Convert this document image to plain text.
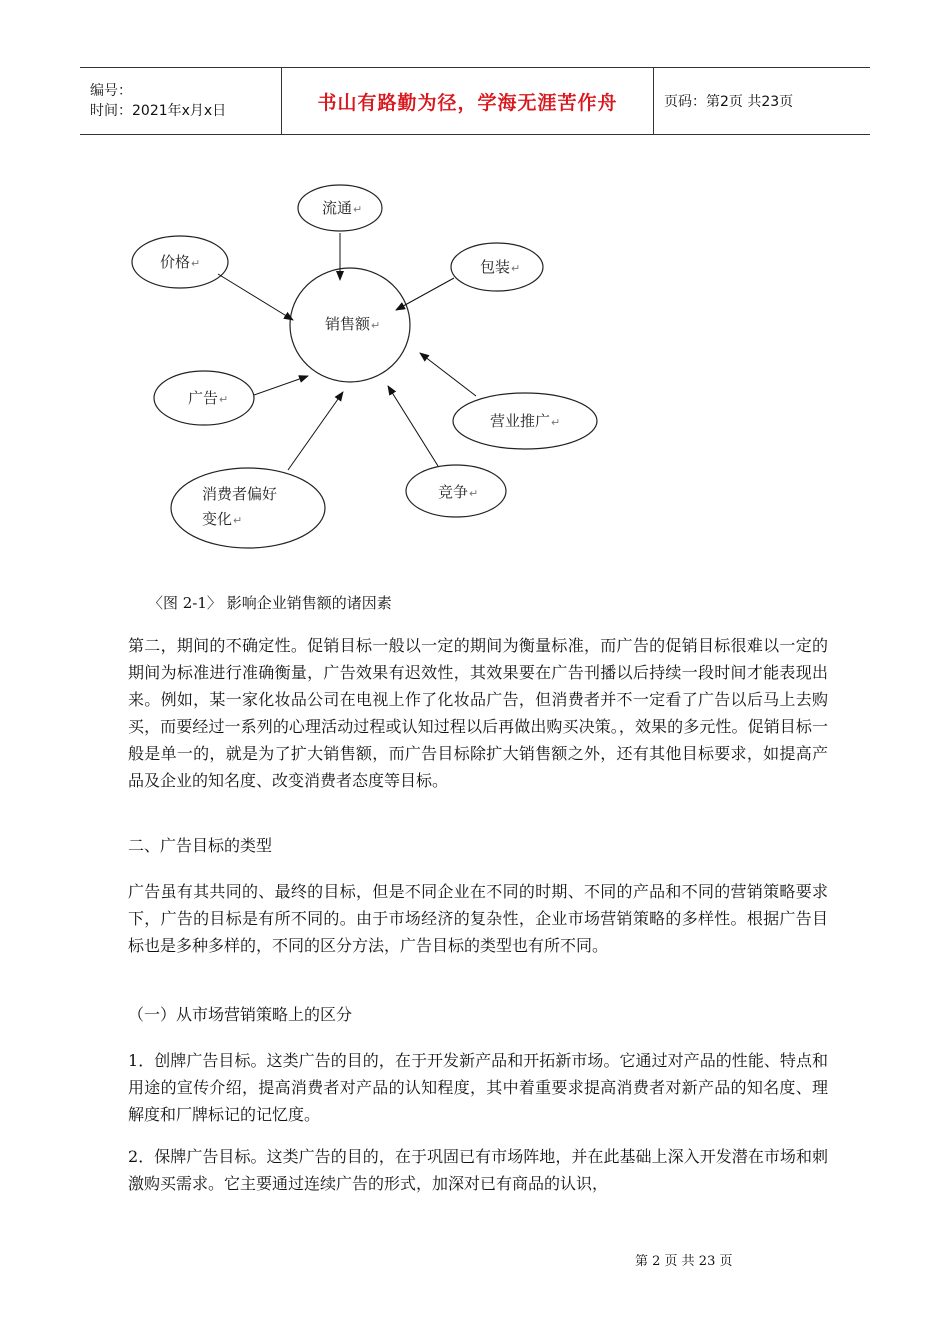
编号：
时间：2021年x月x日	书山有路勤为径，学海无涯苦作舟	页码：第2页 共23页
销售额↵
流通↵
价格↵	包装↵
广告↵
营业推广↵
消费者偏好
变化↵
竞争↵
〈图 2-1〉 影响企业销售额的诸因素

第二，期间的不确定性。促销目标一般以一定的期间为衡量标准，而广告的促销目标很难以一定的期间为标准进行准确衡量，广告效果有迟效性，其效果要在广告刊播以后持续一段时间才能表现出来。例如，某一家化妆品公司在电视上作了化妆品广告，但消费者并不一定看了广告以后马上去购买，而要经过一系列的心理活动过程或认知过程以后再做出购买决策。，效果的多元性。促销目标一般是单一的，就是为了扩大销售额，而广告目标除扩大销售额之外，还有其他目标要求，如提高产品及企业的知名度、改变消费者态度等目标。

二、广告目标的类型

广告虽有其共同的、最终的目标，但是不同企业在不同的时期、不同的产品和不同的营销策略要求下，广告的目标是有所不同的。由于市场经济的复杂性，企业市场营销策略的多样性。根据广告目标也是多种多样的，不同的区分方法，广告目标的类型也有所不同。

（一）从市场营销策略上的区分

1．创牌广告目标。这类广告的目的，在于开发新产品和开拓新市场。它通过对产品的性能、特点和用途的宣传介绍，提高消费者对产品的认知程度，其中着重要求提高消费者对新产品的知名度、理解度和厂牌标记的记忆度。

2．保牌广告目标。这类广告的目的，在于巩固已有市场阵地，并在此基础上深入开发潜在市场和刺激购买需求。它主要通过连续广告的形式，加深对已有商品的认识，

第 2 页 共 23 页
